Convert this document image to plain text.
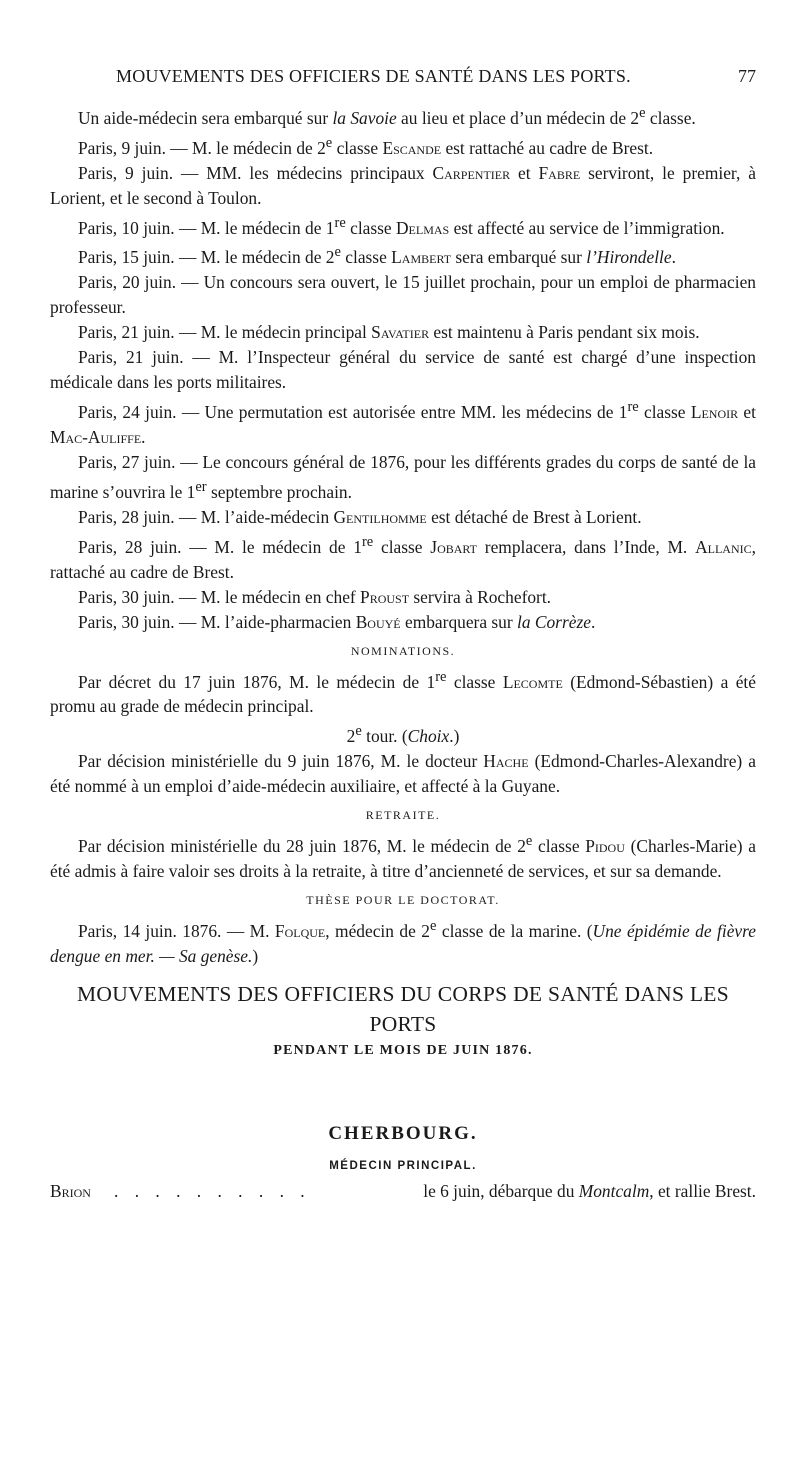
MOUVEMENTS DES OFFICIERS DE SANTÉ DANS LES PORTS.	77

Un aide-médecin sera embarqué sur la Savoie au lieu et place d’un médecin de 2e classe.

Paris, 9 juin. — M. le médecin de 2e classe Escande est rattaché au cadre de Brest.

Paris, 9 juin. — MM. les médecins principaux Carpentier et Fabre serviront, le premier, à Lorient, et le second à Toulon.

Paris, 10 juin. — M. le médecin de 1re classe Delmas est affecté au service de l’immigration.

Paris, 15 juin. — M. le médecin de 2e classe Lambert sera embarqué sur l’Hirondelle.

Paris, 20 juin. — Un concours sera ouvert, le 15 juillet prochain, pour un emploi de pharmacien professeur.

Paris, 21 juin. — M. le médecin principal Savatier est maintenu à Paris pendant six mois.

Paris, 21 juin. — M. l’Inspecteur général du service de santé est chargé d’une inspection médicale dans les ports militaires.

Paris, 24 juin. — Une permutation est autorisée entre MM. les médecins de 1re classe Lenoir et Mac-Auliffe.

Paris, 27 juin. — Le concours général de 1876, pour les différents grades du corps de santé de la marine s’ouvrira le 1er septembre prochain.

Paris, 28 juin. — M. l’aide-médecin Gentilhomme est détaché de Brest à Lorient.

Paris, 28 juin. — M. le médecin de 1re classe Jobart remplacera, dans l’Inde, M. Allanic, rattaché au cadre de Brest.

Paris, 30 juin. — M. le médecin en chef Proust servira à Rochefort.

Paris, 30 juin. — M. l’aide-pharmacien Bouyé embarquera sur la Corrèze.

NOMINATIONS.

Par décret du 17 juin 1876, M. le médecin de 1re classe Lecomte (Edmond-Sébastien) a été promu au grade de médecin principal.

2e tour. (Choix.)

Par décision ministérielle du 9 juin 1876, M. le docteur Hache (Edmond-Charles-Alexandre) a été nommé à un emploi d’aide-médecin auxiliaire, et affecté à la Guyane.

RETRAITE.

Par décision ministérielle du 28 juin 1876, M. le médecin de 2e classe Pidou (Charles-Marie) a été admis à faire valoir ses droits à la retraite, à titre d’ancienneté de services, et sur sa demande.

THÈSE POUR LE DOCTORAT.

Paris, 14 juin. 1876. — M. Folque, médecin de 2e classe de la marine. (Une épidémie de fièvre dengue en mer. — Sa genèse.)

MOUVEMENTS DES OFFICIERS DU CORPS DE SANTÉ DANS LES PORTS
PENDANT LE MOIS DE JUIN 1876.
CHERBOURG.
MÉDECIN PRINCIPAL.
Brion . . . . . . . . . .	le 6 juin, débarque du Montcalm, et rallie Brest.
